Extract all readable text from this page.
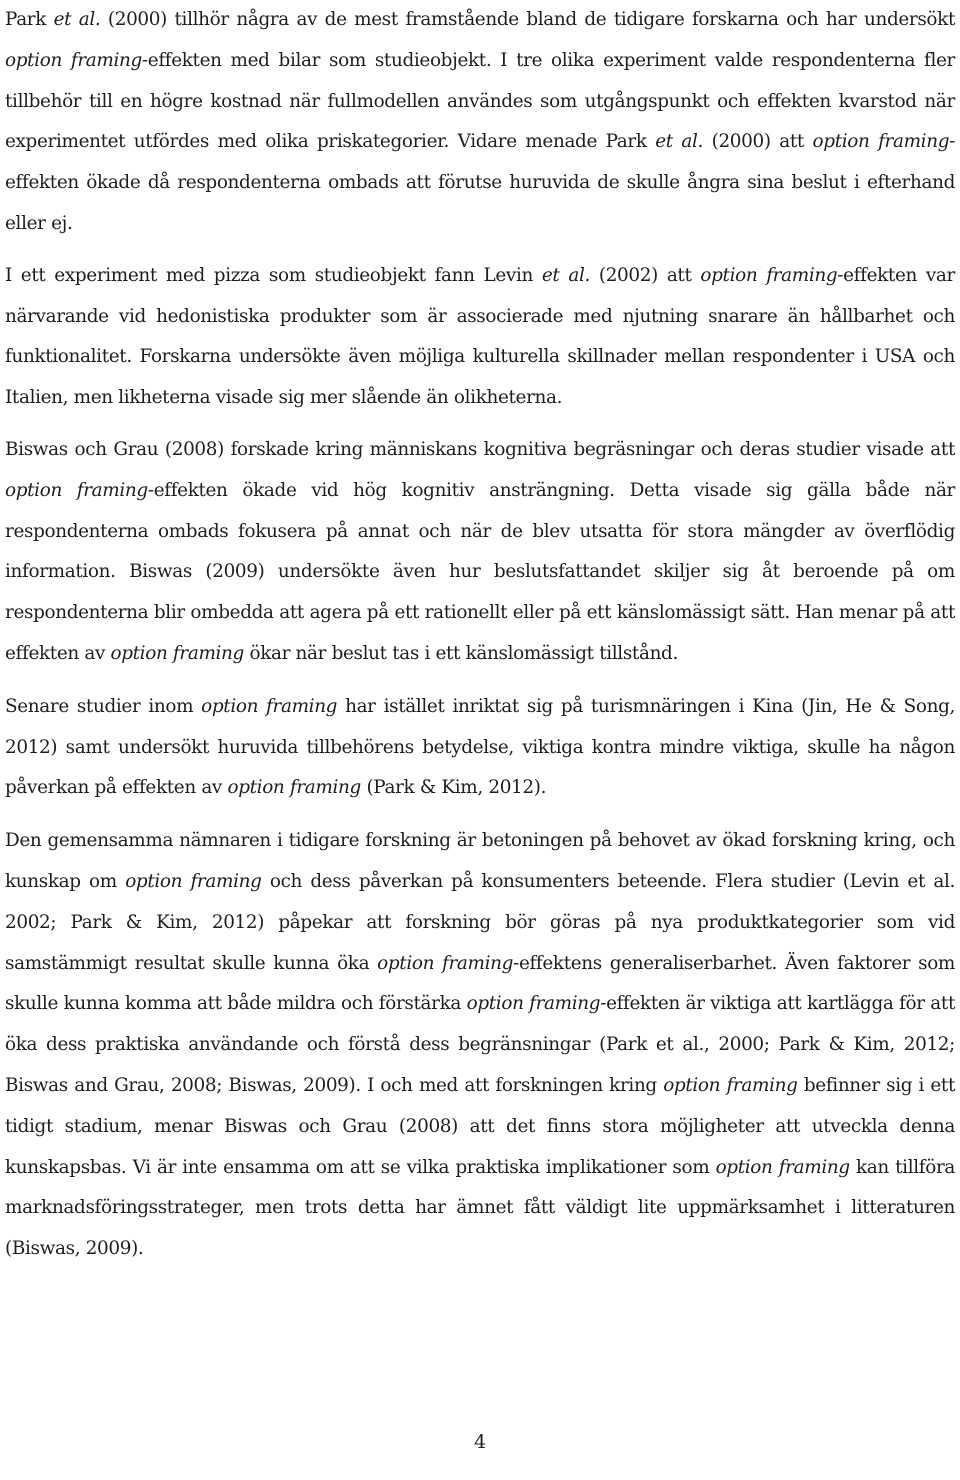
Park et al. (2000) tillhör några av de mest framstående bland de tidigare forskarna och har undersökt option framing-effekten med bilar som studieobjekt. I tre olika experiment valde respondenterna fler tillbehör till en högre kostnad när fullmodellen användes som utgångspunkt och effekten kvarstod när experimentet utfördes med olika priskategorier. Vidare menade Park et al. (2000) att option framing-effekten ökade då respondenterna ombads att förutse huruvida de skulle ångra sina beslut i efterhand eller ej.

I ett experiment med pizza som studieobjekt fann Levin et al. (2002) att option framing-effekten var närvarande vid hedonistiska produkter som är associerade med njutning snarare än hållbarhet och funktionalitet. Forskarna undersökte även möjliga kulturella skillnader mellan respondenter i USA och Italien, men likheterna visade sig mer slående än olikheterna.

Biswas och Grau (2008) forskade kring människans kognitiva begräsningar och deras studier visade att option framing-effekten ökade vid hög kognitiv ansträngning. Detta visade sig gälla både när respondenterna ombads fokusera på annat och när de blev utsatta för stora mängder av överflödig information. Biswas (2009) undersökte även hur beslutsfattandet skiljer sig åt beroende på om respondenterna blir ombedda att agera på ett rationellt eller på ett känslomässigt sätt. Han menar på att effekten av option framing ökar när beslut tas i ett känslomässigt tillstånd.

Senare studier inom option framing har istället inriktat sig på turismnäringen i Kina (Jin, He & Song, 2012) samt undersökt huruvida tillbehörens betydelse, viktiga kontra mindre viktiga, skulle ha någon påverkan på effekten av option framing (Park & Kim, 2012).

Den gemensamma nämnaren i tidigare forskning är betoningen på behovet av ökad forskning kring, och kunskap om option framing och dess påverkan på konsumenters beteende. Flera studier (Levin et al. 2002; Park & Kim, 2012) påpekar att forskning bör göras på nya produktkategorier som vid samstämmigt resultat skulle kunna öka option framing-effektens generaliserbarhet. Även faktorer som skulle kunna komma att både mildra och förstärka option framing-effekten är viktiga att kartlägga för att öka dess praktiska användande och förstå dess begränsningar (Park et al., 2000; Park & Kim, 2012; Biswas and Grau, 2008; Biswas, 2009). I och med att forskningen kring option framing befinner sig i ett tidigt stadium, menar Biswas och Grau (2008) att det finns stora möjligheter att utveckla denna kunskapsbas. Vi är inte ensamma om att se vilka praktiska implikationer som option framing kan tillföra marknadsföringsstrateger, men trots detta har ämnet fått väldigt lite uppmärksamhet i litteraturen (Biswas, 2009).

4
